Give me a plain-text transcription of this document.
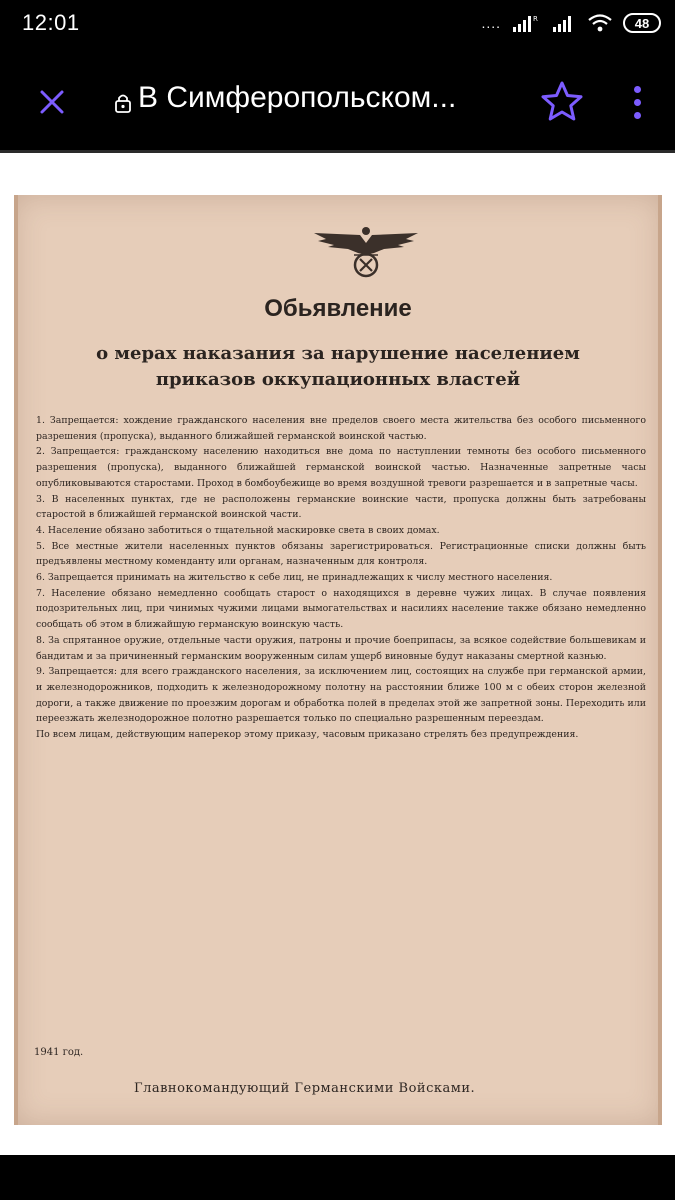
12:01	....	R	48
В Симферопольском...
Обьявление
о мерах наказания за нарушение населением
приказов оккупационных властей

1. Запрещается: хождение гражданского населения вне пределов своего места жительства без особого письменного разрешения (пропуска), выданного ближайшей германской воинской частью.

2. Запрещается: гражданскому населению находиться вне дома по наступлении темноты без особого письменного разрешения (пропуска), выданного ближайшей германской воинской частью. Назначенные запретные часы опубликовываются старостами. Проход в бомбоубежище во время воздушной тревоги разрешается и в запретные часы.

3. В населенных пунктах, где не расположены германские воинские части, пропуска должны быть затребованы старостой в ближайшей германской воинской части.

4. Население обязано заботиться о тщательной маскировке света в своих домах.

5. Все местные жители населенных пунктов обязаны зарегистрироваться. Регистрационные списки должны быть предъявлены местному коменданту или органам, назначенным для контроля.

6. Запрещается принимать на жительство к себе лиц, не принадлежащих к числу местного населения.

7. Население обязано немедленно сообщать старост о находящихся в деревне чужих лицах. В случае появления подозрительных лиц, при чинимых чужими лицами вымогательствах и насилиях население также обязано немедленно сообщать об этом в ближайшую германскую воинскую часть.

8. За спрятанное оружие, отдельные части оружия, патроны и прочие боеприпасы, за всякое содействие большевикам и бандитам и за причиненный германским вооруженным силам ущерб виновные будут наказаны смертной казнью.

9. Запрещается: для всего гражданского населения, за исключением лиц, состоящих на службе при германской армии, и железнодорожников, подходить к железнодорожному полотну на расстоянии ближе 100 м с обеих сторон железной дороги, а также движение по проезжим дорогам и обработка полей в пределах этой же запретной зоны. Переходить или переезжать железнодорожное полотно разрешается только по специально разрешенным переездам.

По всем лицам, действующим наперекор этому приказу, часовым приказано стрелять без предупреждения.

1941 год.
Главнокомандующий Германскими Войсками.
